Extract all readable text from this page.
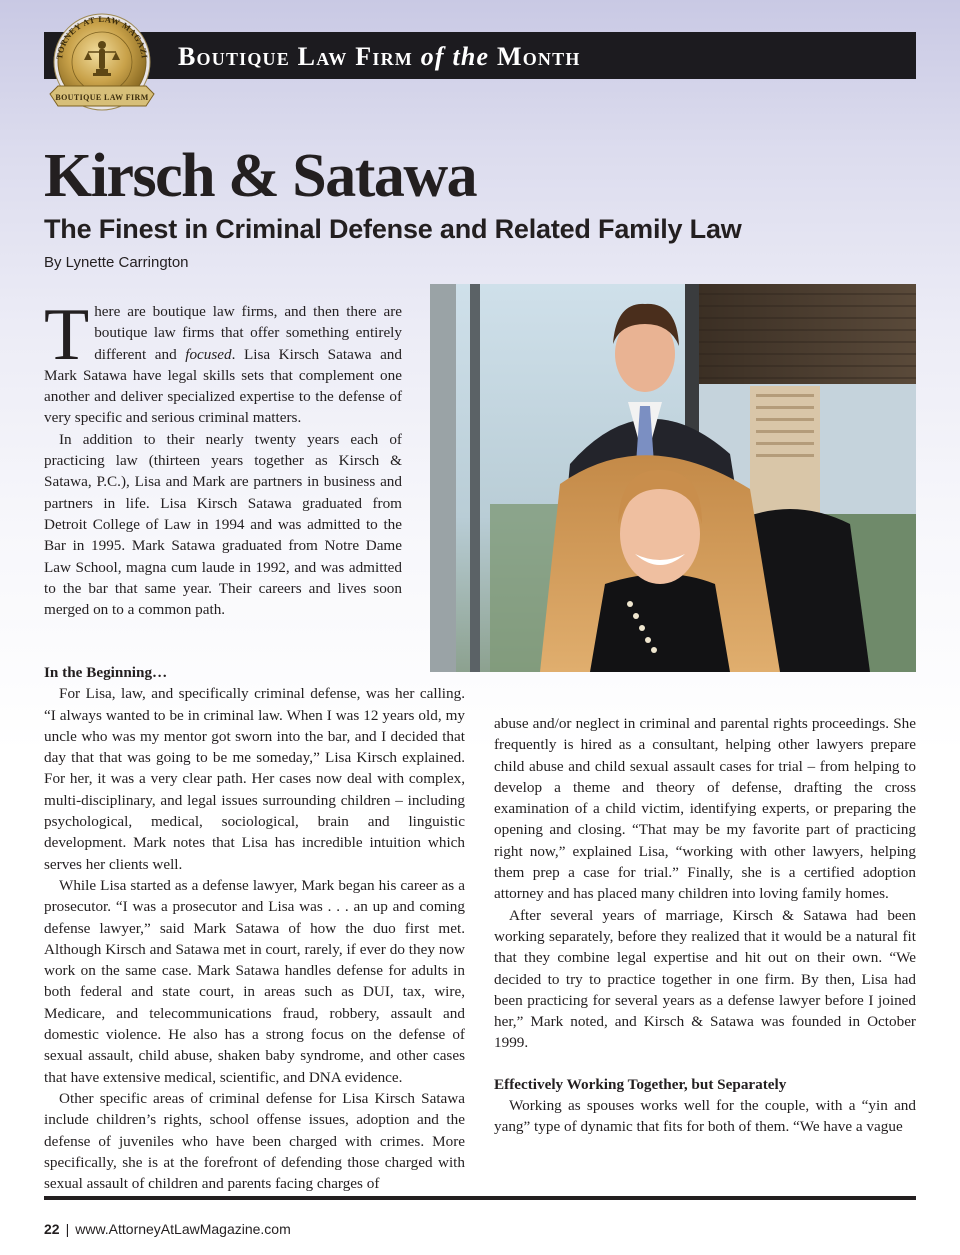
Boutique Law Firm of the Month
TORNEY AT LAW MAGAZI
BOUTIQUE LAW FIRM
Kirsch & Satawa
The Finest in Criminal Defense and Related Family Law
By Lynette Carrington

There are boutique law firms, and then there are boutique law firms that offer something entirely different and focused. Lisa Kirsch Satawa and Mark Satawa have legal skills sets that complement one another and deliver specialized expertise to the defense of very specific and serious criminal matters.

In addition to their nearly twenty years each of practicing law (thirteen years together as Kirsch & Satawa, P.C.), Lisa and Mark are partners in business and partners in life. Lisa Kirsch Satawa graduated from Detroit College of Law in 1994 and was admitted to the Bar in 1995. Mark Satawa graduated from Notre Dame Law School, magna cum laude in 1992, and was admitted to the bar that same year. Their careers and lives soon merged on to a common path.

In the Beginning…

For Lisa, law, and specifically criminal defense, was her calling. “I always wanted to be in criminal law. When I was 12 years old, my uncle who was my mentor got sworn into the bar, and I decided that day that that was going to be me someday,” Lisa Kirsch explained. For her, it was a very clear path. Her cases now deal with complex, multi-disciplinary, and legal issues surrounding children – including psychological, medical, sociological, brain and linguistic development. Mark notes that Lisa has incredible intuition which serves her clients well.

While Lisa started as a defense lawyer, Mark began his career as a prosecutor. “I was a prosecutor and Lisa was . . . an up and coming defense lawyer,” said Mark Satawa of how the duo first met. Although Kirsch and Satawa met in court, rarely, if ever do they now work on the same case. Mark Satawa handles defense for adults in both federal and state court, in areas such as DUI, tax, wire, Medicare, and telecommunications fraud, robbery, assault and domestic violence. He also has a strong focus on the defense of sexual assault, child abuse, shaken baby syndrome, and other cases that have extensive medical, scientific, and DNA evidence.

Other specific areas of criminal defense for Lisa Kirsch Satawa include children’s rights, school offense issues, adoption and the defense of juveniles who have been charged with crimes. More specifically, she is at the forefront of defending those charged with sexual assault of children and parents facing charges of

abuse and/or neglect in criminal and parental rights proceedings. She frequently is hired as a consultant, helping other lawyers prepare child abuse and child sexual assault cases for trial – from helping to develop a theme and theory of defense, drafting the cross examination of a child victim, identifying experts, or preparing the opening and closing. “That may be my favorite part of practicing right now,” explained Lisa, “working with other lawyers, helping them prep a case for trial.” Finally, she is a certified adoption attorney and has placed many children into loving family homes.

After several years of marriage, Kirsch & Satawa had been working separately, before they realized that it would be a natural fit that they combine legal expertise and hit out on their own. “We decided to try to practice together in one firm. By then, Lisa had been practicing for several years as a defense lawyer before I joined her,” Mark noted, and Kirsch & Satawa was founded in October 1999.

Effectively Working Together, but Separately

Working as spouses works well for the couple, with a “yin and yang” type of dynamic that fits for both of them. “We have a vague

22 | www.AttorneyAtLawMagazine.com
